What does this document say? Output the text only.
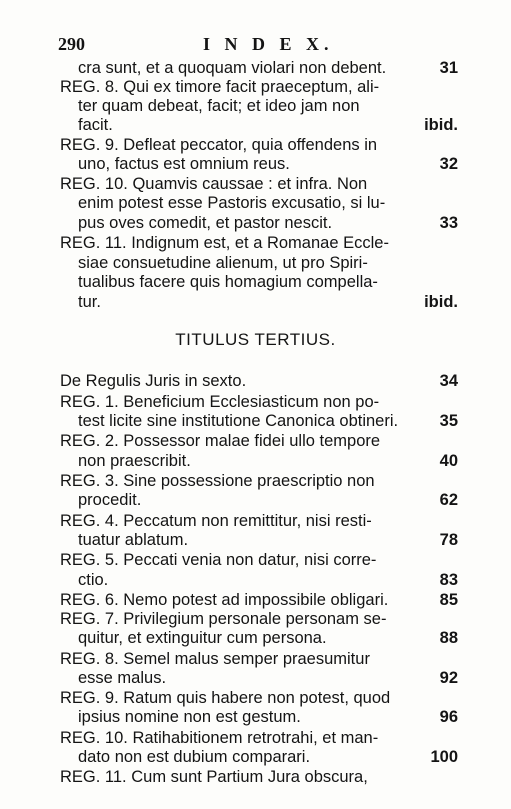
290	I N D E X.
cra sunt, et a quoquam violari non debent.
REG. 8. Qui ex timore facit praeceptum, ali-
ter quam debeat, facit; et ideo jam non
facit.
REG. 9. Defleat peccator, quia offendens in
uno, factus est omnium reus.
REG. 10. Quamvis caussae : et infra. Non
enim potest esse Pastoris excusatio, si lu-
pus oves comedit, et pastor nescit.
REG. 11. Indignum est, et a Romanae Eccle-
siae consuetudine alienum, ut pro Spiri-
tualibus facere quis homagium compella-
tur.
TITULUS TERTIUS.
De Regulis Juris in sexto.
REG. 1. Beneficium Ecclesiasticum non po-
test licite sine institutione Canonica obtineri.
REG. 2. Possessor malae fidei ullo tempore
non praescribit.
REG. 3. Sine possessione praescriptio non
procedit.
REG. 4. Peccatum non remittitur, nisi resti-
tuatur ablatum.
REG. 5. Peccati venia non datur, nisi corre-
ctio.
REG. 6. Nemo potest ad impossibile obligari.
REG. 7. Privilegium personale personam se-
quitur, et extinguitur cum persona.
REG. 8. Semel malus semper praesumitur
esse malus.
REG. 9. Ratum quis habere non potest, quod
ipsius nomine non est gestum.
REG. 10. Ratihabitionem retrotrahi, et man-
dato non est dubium comparari.
REG. 11. Cum sunt Partium Jura obscura,
31
ibid.
32
33
ibid.
34
35
40
62
78
83
85
88
92
96
100
